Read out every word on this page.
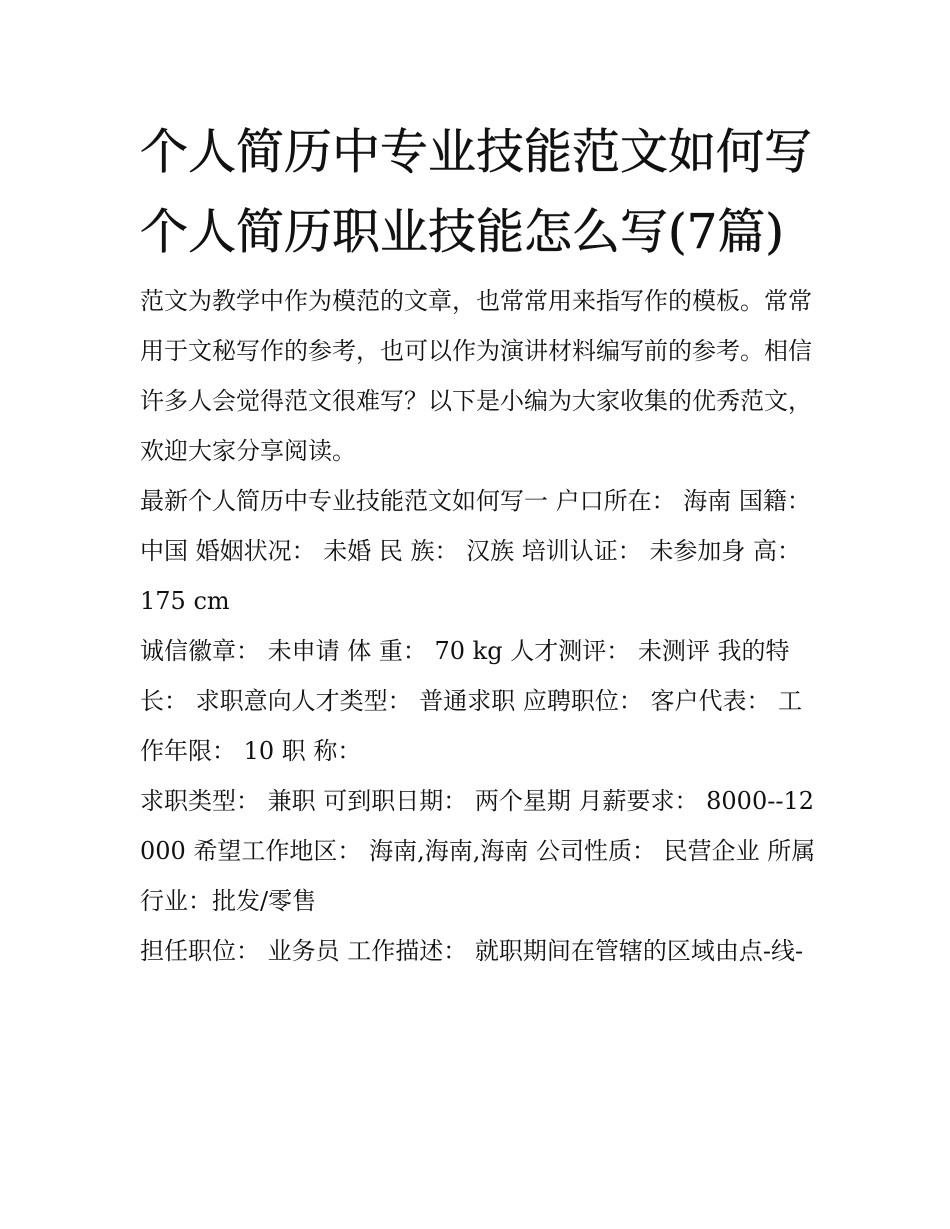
个人简历中专业技能范文如何写 个人简历职业技能怎么写(7篇)

范文为教学中作为模范的文章，也常常用来指写作的模板。常常用于文秘写作的参考，也可以作为演讲材料编写前的参考。相信许多人会觉得范文很难写？以下是小编为大家收集的优秀范文，欢迎大家分享阅读。

最新个人简历中专业技能范文如何写一 户口所在： 海南 国籍： 中国 婚姻状况： 未婚 民 族： 汉族 培训认证： 未参加身 高： 175 cm

诚信徽章： 未申请 体 重： 70 kg 人才测评： 未测评 我的特长： 求职意向人才类型： 普通求职 应聘职位： 客户代表： 工作年限： 10 职 称：

求职类型： 兼职 可到职日期： 两个星期 月薪要求： 8000--12000 希望工作地区： 海南,海南,海南 公司性质： 民营企业 所属行业：批发/零售

担任职位： 业务员 工作描述： 就职期间在管辖的区域由点-线-
